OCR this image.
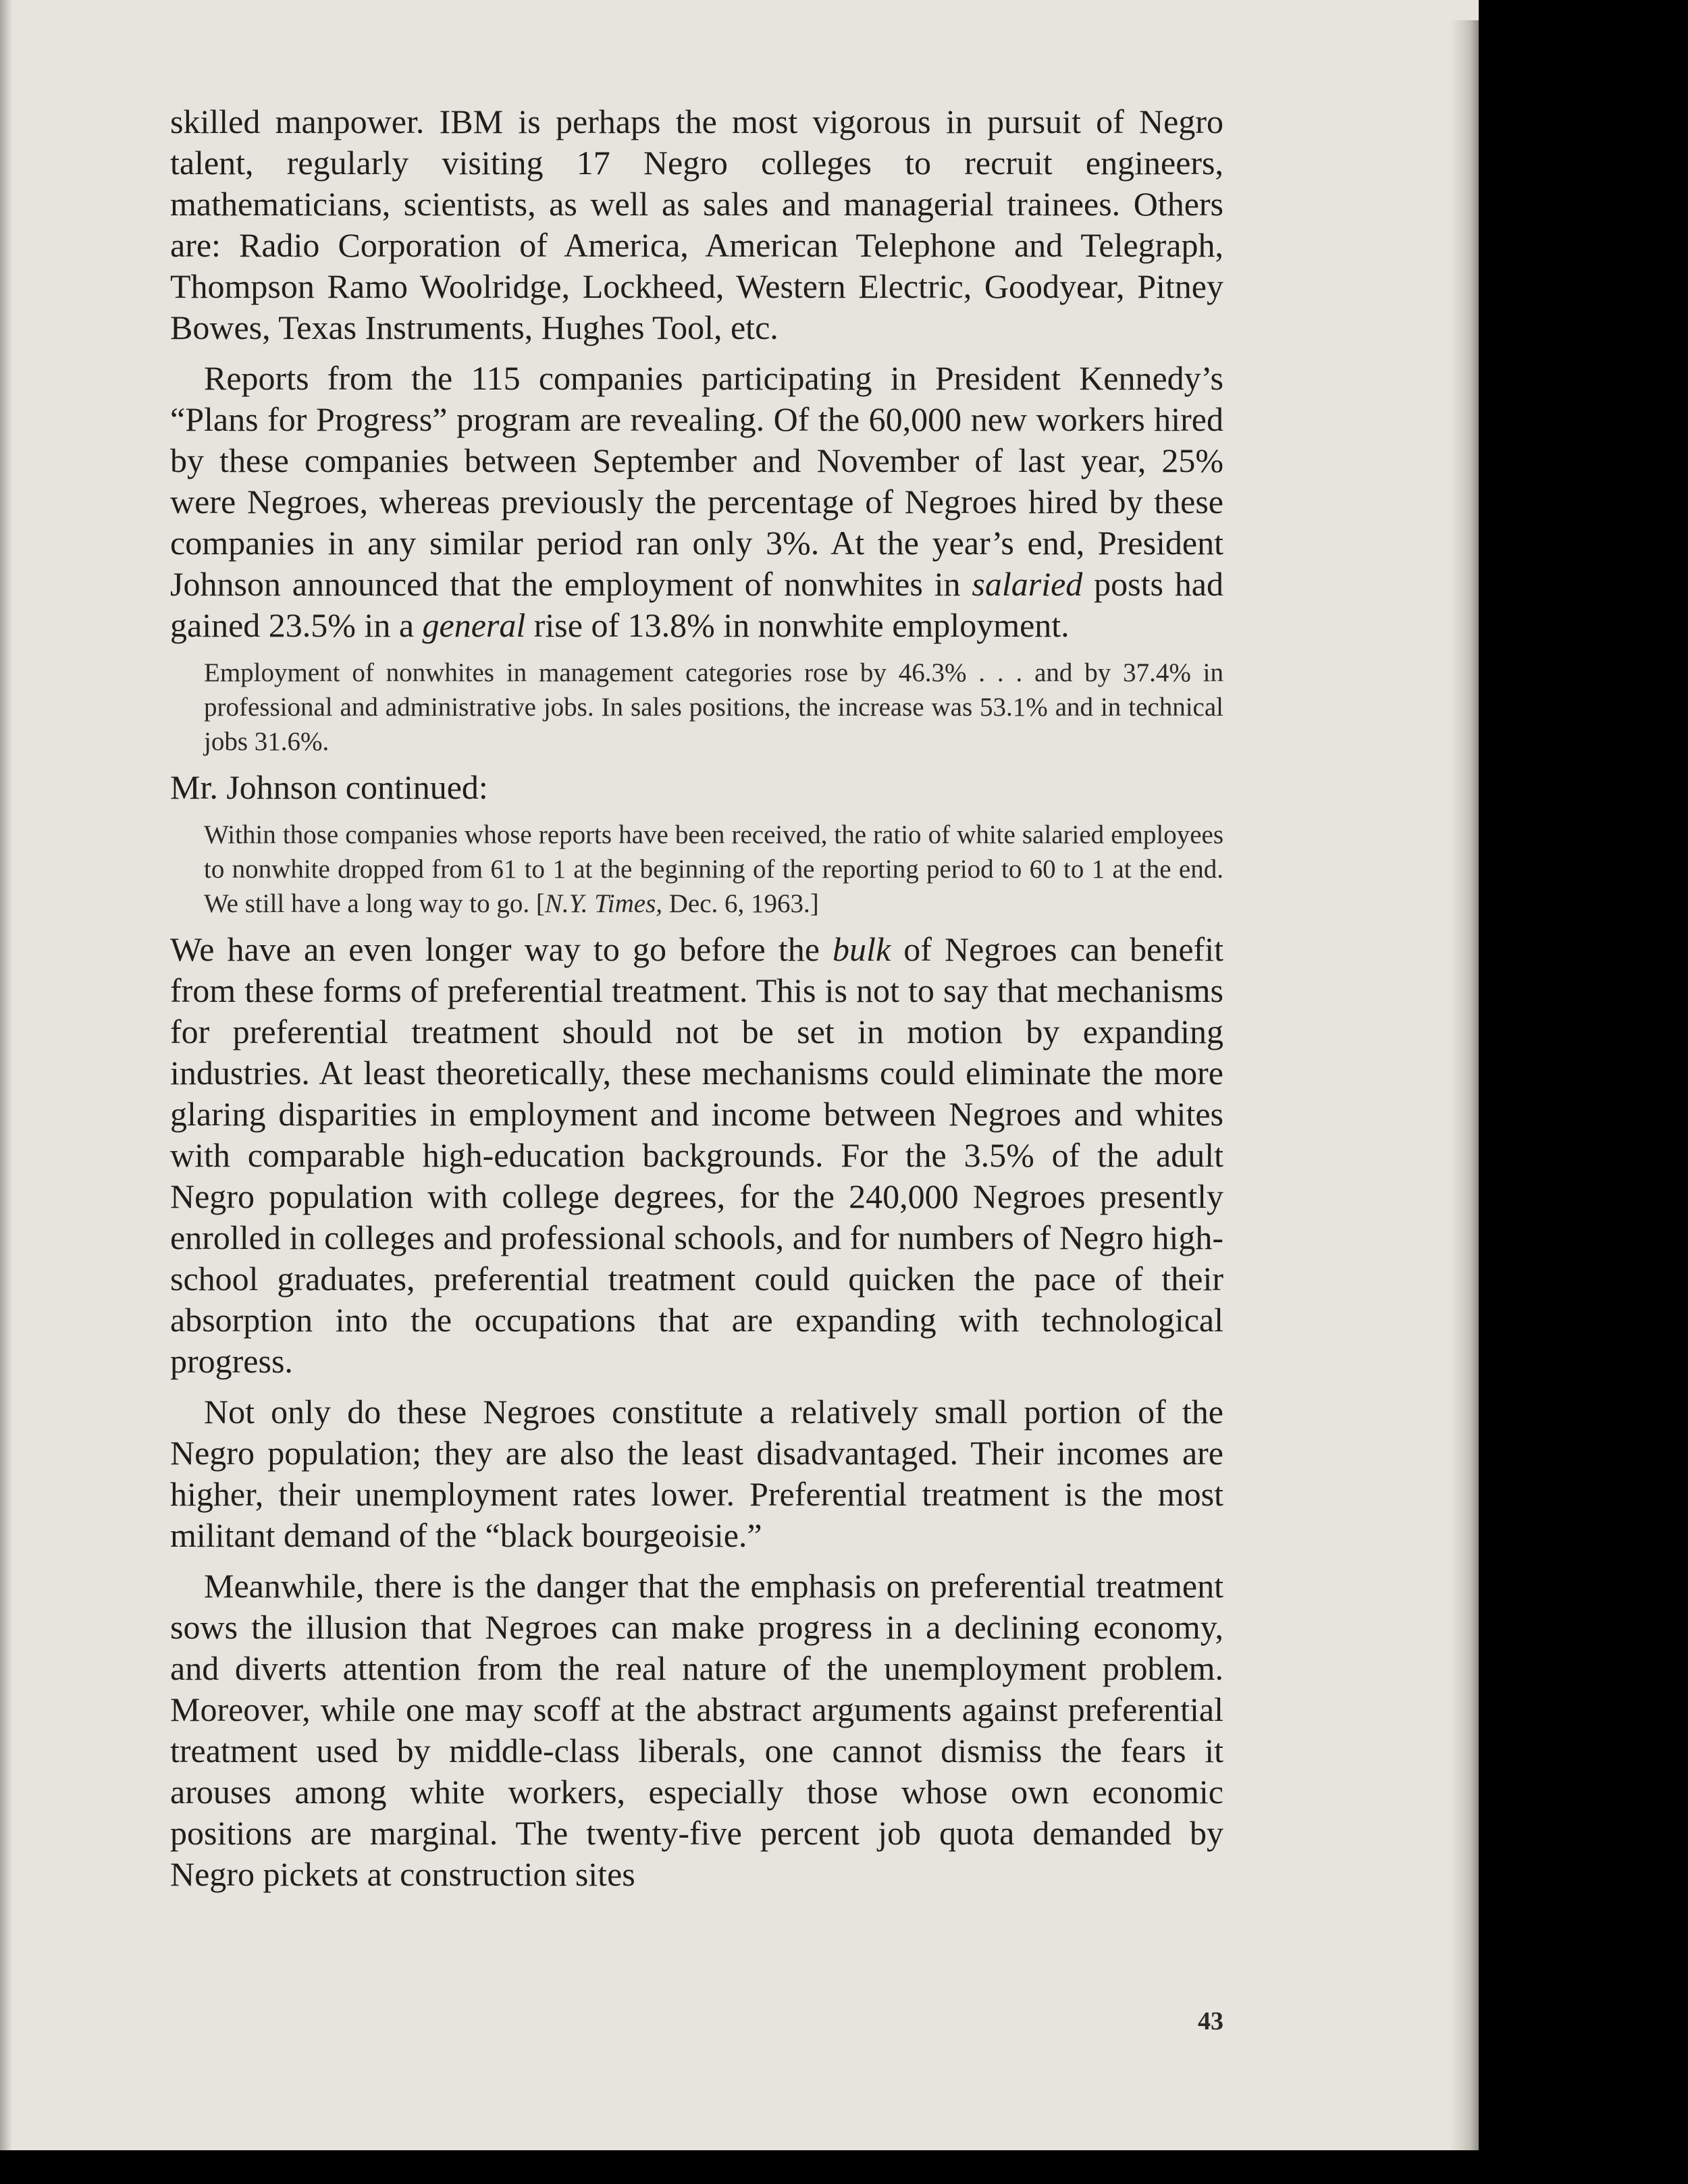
skilled manpower. IBM is perhaps the most vigorous in pursuit of Negro talent, regularly visiting 17 Negro colleges to recruit engineers, mathematicians, scientists, as well as sales and managerial trainees. Others are: Radio Corporation of America, American Telephone and Telegraph, Thompson Ramo Woolridge, Lockheed, Western Electric, Goodyear, Pitney Bowes, Texas Instruments, Hughes Tool, etc.

Reports from the 115 companies participating in President Kennedy’s “Plans for Progress” program are revealing. Of the 60,000 new workers hired by these companies between September and November of last year, 25% were Negroes, whereas previously the percentage of Negroes hired by these companies in any similar period ran only 3%. At the year’s end, President Johnson announced that the employment of nonwhites in salaried posts had gained 23.5% in a general rise of 13.8% in nonwhite employment.

Employment of nonwhites in management categories rose by 46.3% . . . and by 37.4% in professional and administrative jobs. In sales positions, the increase was 53.1% and in technical jobs 31.6%.

Mr. Johnson continued:

Within those companies whose reports have been received, the ratio of white salaried employees to nonwhite dropped from 61 to 1 at the beginning of the reporting period to 60 to 1 at the end. We still have a long way to go. [N.Y. Times, Dec. 6, 1963.]

We have an even longer way to go before the bulk of Negroes can benefit from these forms of preferential treatment. This is not to say that mechanisms for preferential treatment should not be set in motion by expanding industries. At least theoretically, these mechanisms could eliminate the more glaring disparities in employment and income between Negroes and whites with comparable high-education backgrounds. For the 3.5% of the adult Negro population with college degrees, for the 240,000 Negroes presently enrolled in colleges and professional schools, and for numbers of Negro high-school graduates, preferential treatment could quicken the pace of their absorption into the occupations that are expanding with technological progress.

Not only do these Negroes constitute a relatively small portion of the Negro population; they are also the least disadvantaged. Their incomes are higher, their unemployment rates lower. Preferential treatment is the most militant demand of the “black bourgeoisie.”

Meanwhile, there is the danger that the emphasis on preferential treatment sows the illusion that Negroes can make progress in a declining economy, and diverts attention from the real nature of the unemployment problem. Moreover, while one may scoff at the abstract arguments against preferential treatment used by middle-class liberals, one cannot dismiss the fears it arouses among white workers, especially those whose own economic positions are marginal. The twenty-five percent job quota demanded by Negro pickets at construction sites

43
